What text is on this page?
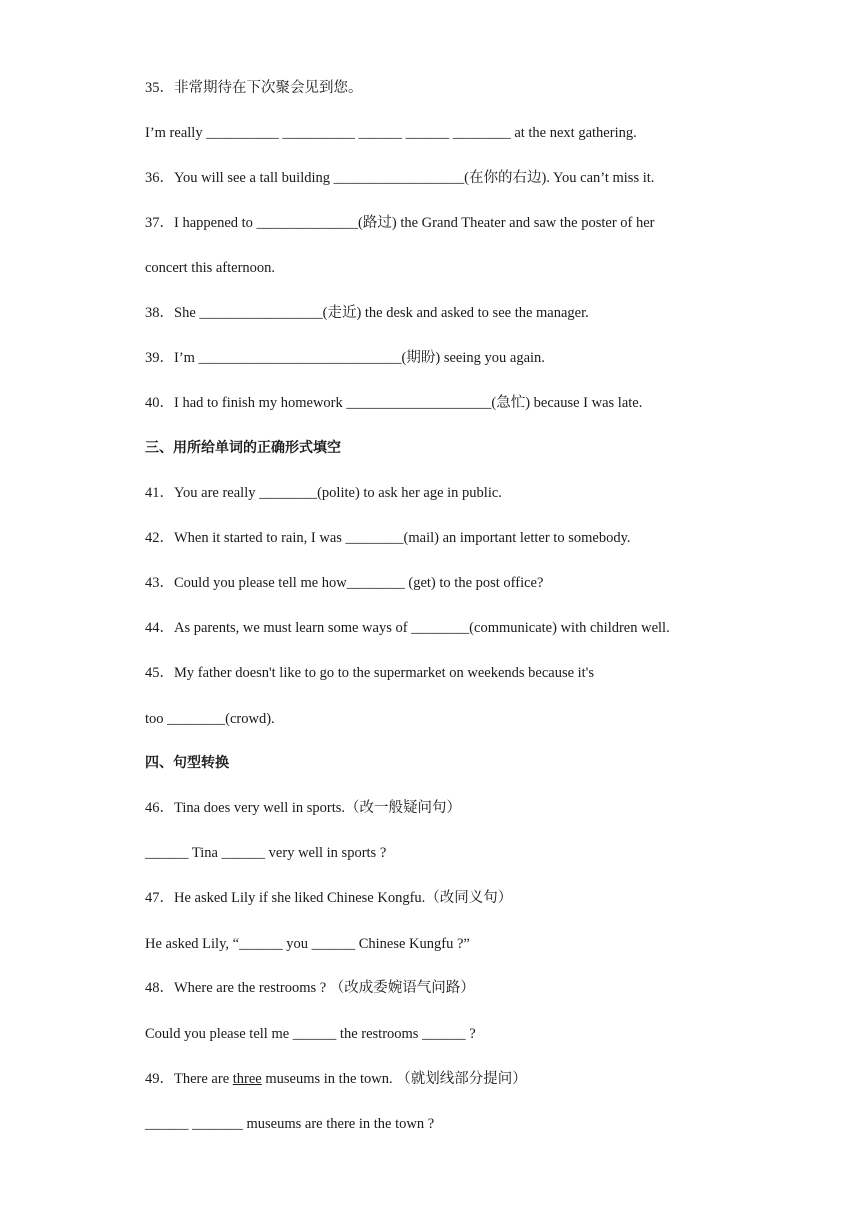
35．非常期待在下次聚会见到您。
I’m really __________ __________ ______ ______ ________ at the next gathering.
36．You will see a tall building __________________(在你的右边). You can’t miss it.
37．I happened to ______________(路过) the Grand Theater and saw the poster of her
concert this afternoon.
38．She _________________(走近) the desk and asked to see the manager.
39．I’m ____________________________(期盼) seeing you again.
40．I had to finish my homework ____________________(急忙) because I was late.
三、用所给单词的正确形式填空
41．You are really ________(polite) to ask her age in public.
42．When it started to rain, I was ________(mail) an important letter to somebody.
43．Could you please tell me how________ (get) to the post office?
44．As parents, we must learn some ways of ________(communicate) with children well.
45．My father doesn't like to go to the supermarket on weekends because it's
too ________(crowd).
四、句型转换
46．Tina does very well in sports.（改一般疑问句）
______ Tina ______ very well in sports ?
47．He asked Lily if she liked Chinese Kongfu.（改同义句）
He asked Lily, “______ you ______ Chinese Kungfu ?”
48．Where are the restrooms ? （改成委婉语气问路）
Could you please tell me ______ the restrooms ______ ?
49．There are three museums in the town. （就划线部分提问）
______ _______ museums are there in the town ?
